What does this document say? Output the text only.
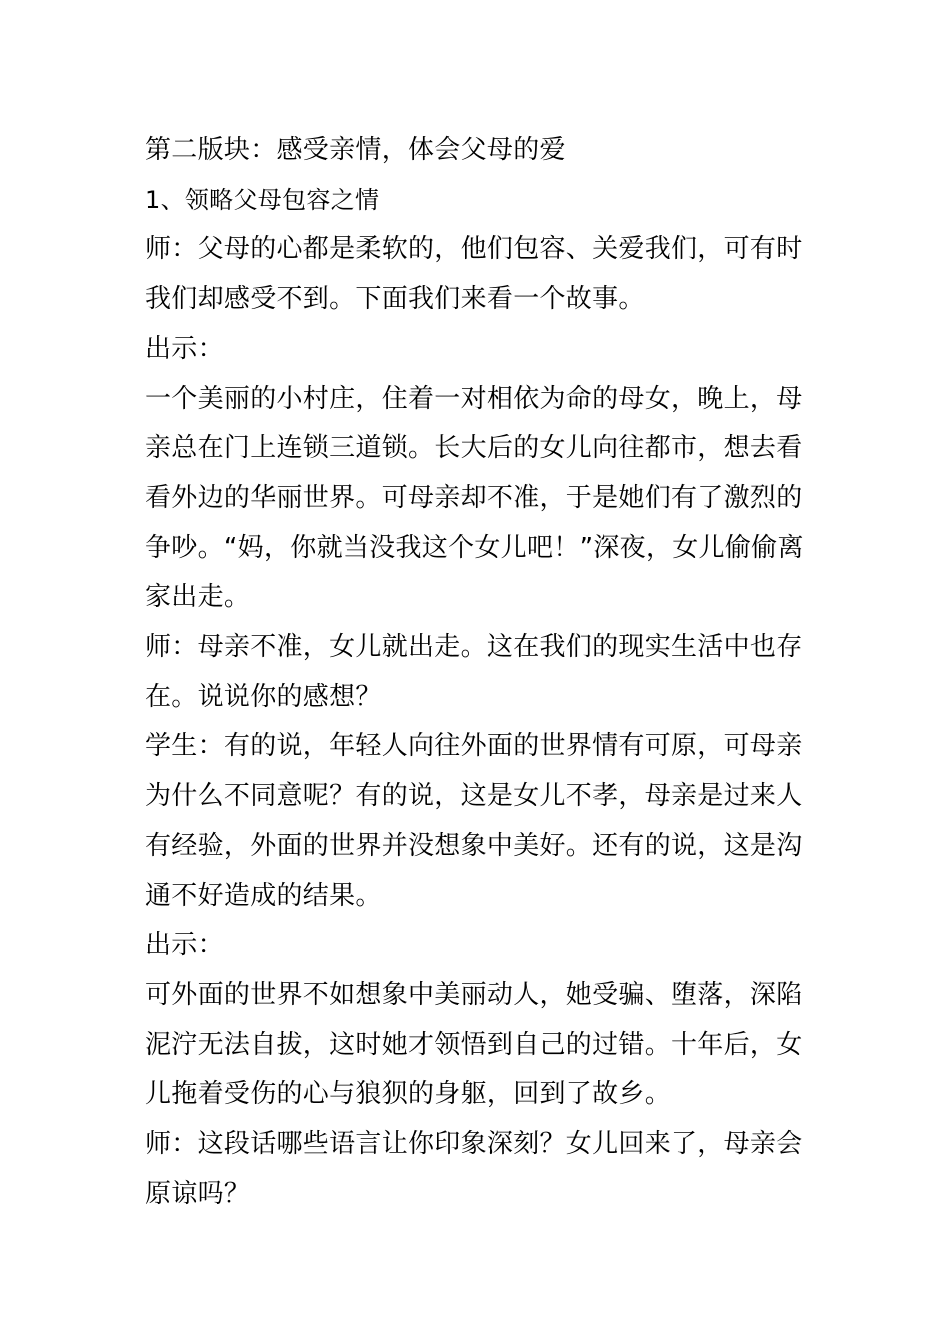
第二版块：感受亲情，体会父母的爱

1、领略父母包容之情

师：父母的心都是柔软的，他们包容、关爱我们，可有时我们却感受不到。下面我们来看一个故事。

出示：

一个美丽的小村庄，住着一对相依为命的母女，晚上，母亲总在门上连锁三道锁。长大后的女儿向往都市，想去看看外边的华丽世界。可母亲却不准，于是她们有了激烈的争吵。“妈，你就当没我这个女儿吧！”深夜，女儿偷偷离家出走。

师：母亲不准，女儿就出走。这在我们的现实生活中也存在。说说你的感想？

学生：有的说，年轻人向往外面的世界情有可原，可母亲为什么不同意呢？有的说，这是女儿不孝，母亲是过来人有经验，外面的世界并没想象中美好。还有的说，这是沟通不好造成的结果。

出示：

可外面的世界不如想象中美丽动人，她受骗、堕落，深陷泥泞无法自拔，这时她才领悟到自己的过错。十年后，女儿拖着受伤的心与狼狈的身躯，回到了故乡。

师：这段话哪些语言让你印象深刻？女儿回来了，母亲会原谅吗？
